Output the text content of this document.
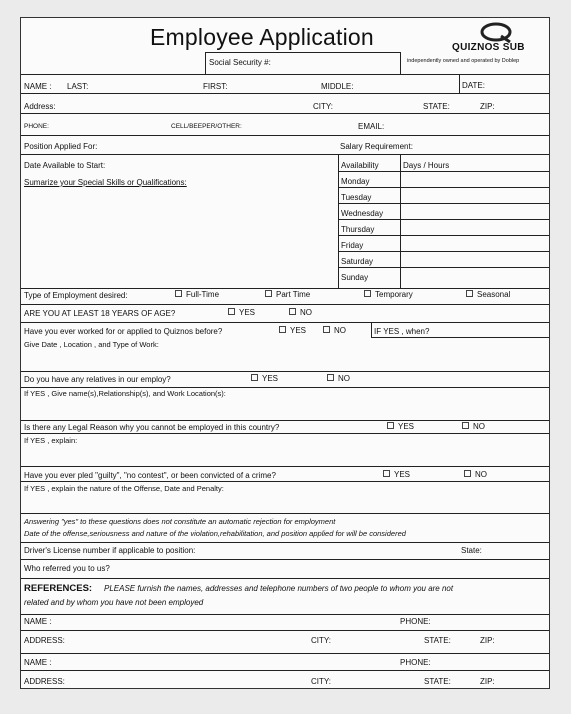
Employee Application
Social Security #:
QUIZNOS SUB
independently owned and operated by Doblep
NAME : LAST:	FIRST:	MIDDLE:	DATE:
Address:	CITY:	STATE:	ZIP:
PHONE:	CELL/BEEPER/OTHER:	EMAIL:
Position Applied For:	Salary Requirement:
Date Available to Start:	Availability	Days / Hours
Sumarize your Special Skills or Qualifications:	Monday
Tuesday
Wednesday
Thursday
Friday
Saturday
Sunday
Type of Employment desired:	Full-Time	Part Time	Temporary	Seasonal
ARE YOU AT LEAST 18 YEARS OF AGE?	YES	NO
Have you ever worked for or applied to Quiznos before?	YES	NO	IF YES , when?
Give Date , Location , and Type of Work:
Do you have any relatives in our employ?	YES	NO
If YES , Give name(s),Relationship(s), and Work Location(s):
Is there any Legal Reason why you cannot be employed in this country?	YES	NO
If YES , explain:
Have you ever pled "guilty", "no contest", or been convicted of a crime?	YES	NO
If YES , explain the nature of the Offense, Date and Penalty:
Answering "yes" to these questions does not constitute an automatic rejection for employment
Date of the offense,seriousness and nature of the violation,rehabilitation, and position applied for will be considered
Driver's License number if applicable to position:	State:
Who referred you to us?
REFERENCES: PLEASE furnish the names, addresses and telephone numbers of two people to whom you are not
related and by whom you have not been employed
NAME :	PHONE:
ADDRESS:	CITY:	STATE:	ZIP:
NAME :	PHONE:
ADDRESS:	CITY:	STATE:	ZIP:
